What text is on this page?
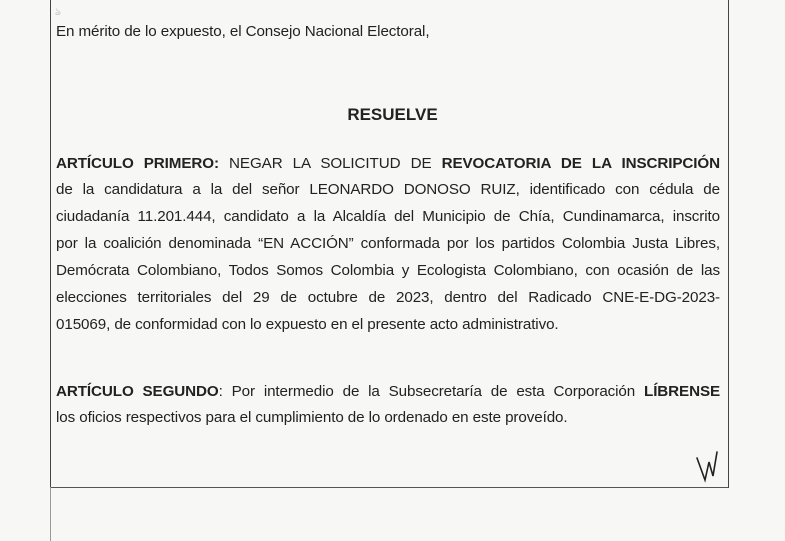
En mérito de lo expuesto, el Consejo Nacional Electoral,
RESUELVE
ARTÍCULO PRIMERO: NEGAR LA SOLICITUD DE REVOCATORIA DE LA INSCRIPCIÓN
de la candidatura a la del señor LEONARDO DONOSO RUIZ, identificado con cédula de
ciudadanía 11.201.444, candidato a la Alcaldía del Municipio de Chía, Cundinamarca, inscrito
por la coalición denominada “EN ACCIÓN” conformada por los partidos Colombia Justa Libres,
Demócrata Colombiano, Todos Somos Colombia y Ecologista Colombiano, con ocasión de las
elecciones territoriales del 29 de octubre de 2023, dentro del Radicado CNE-E-DG-2023-
015069, de conformidad con lo expuesto en el presente acto administrativo.
ARTÍCULO SEGUNDO: Por intermedio de la Subsecretaría de esta Corporación LÍBRENSE
los oficios respectivos para el cumplimiento de lo ordenado en este proveído.
ঌ
